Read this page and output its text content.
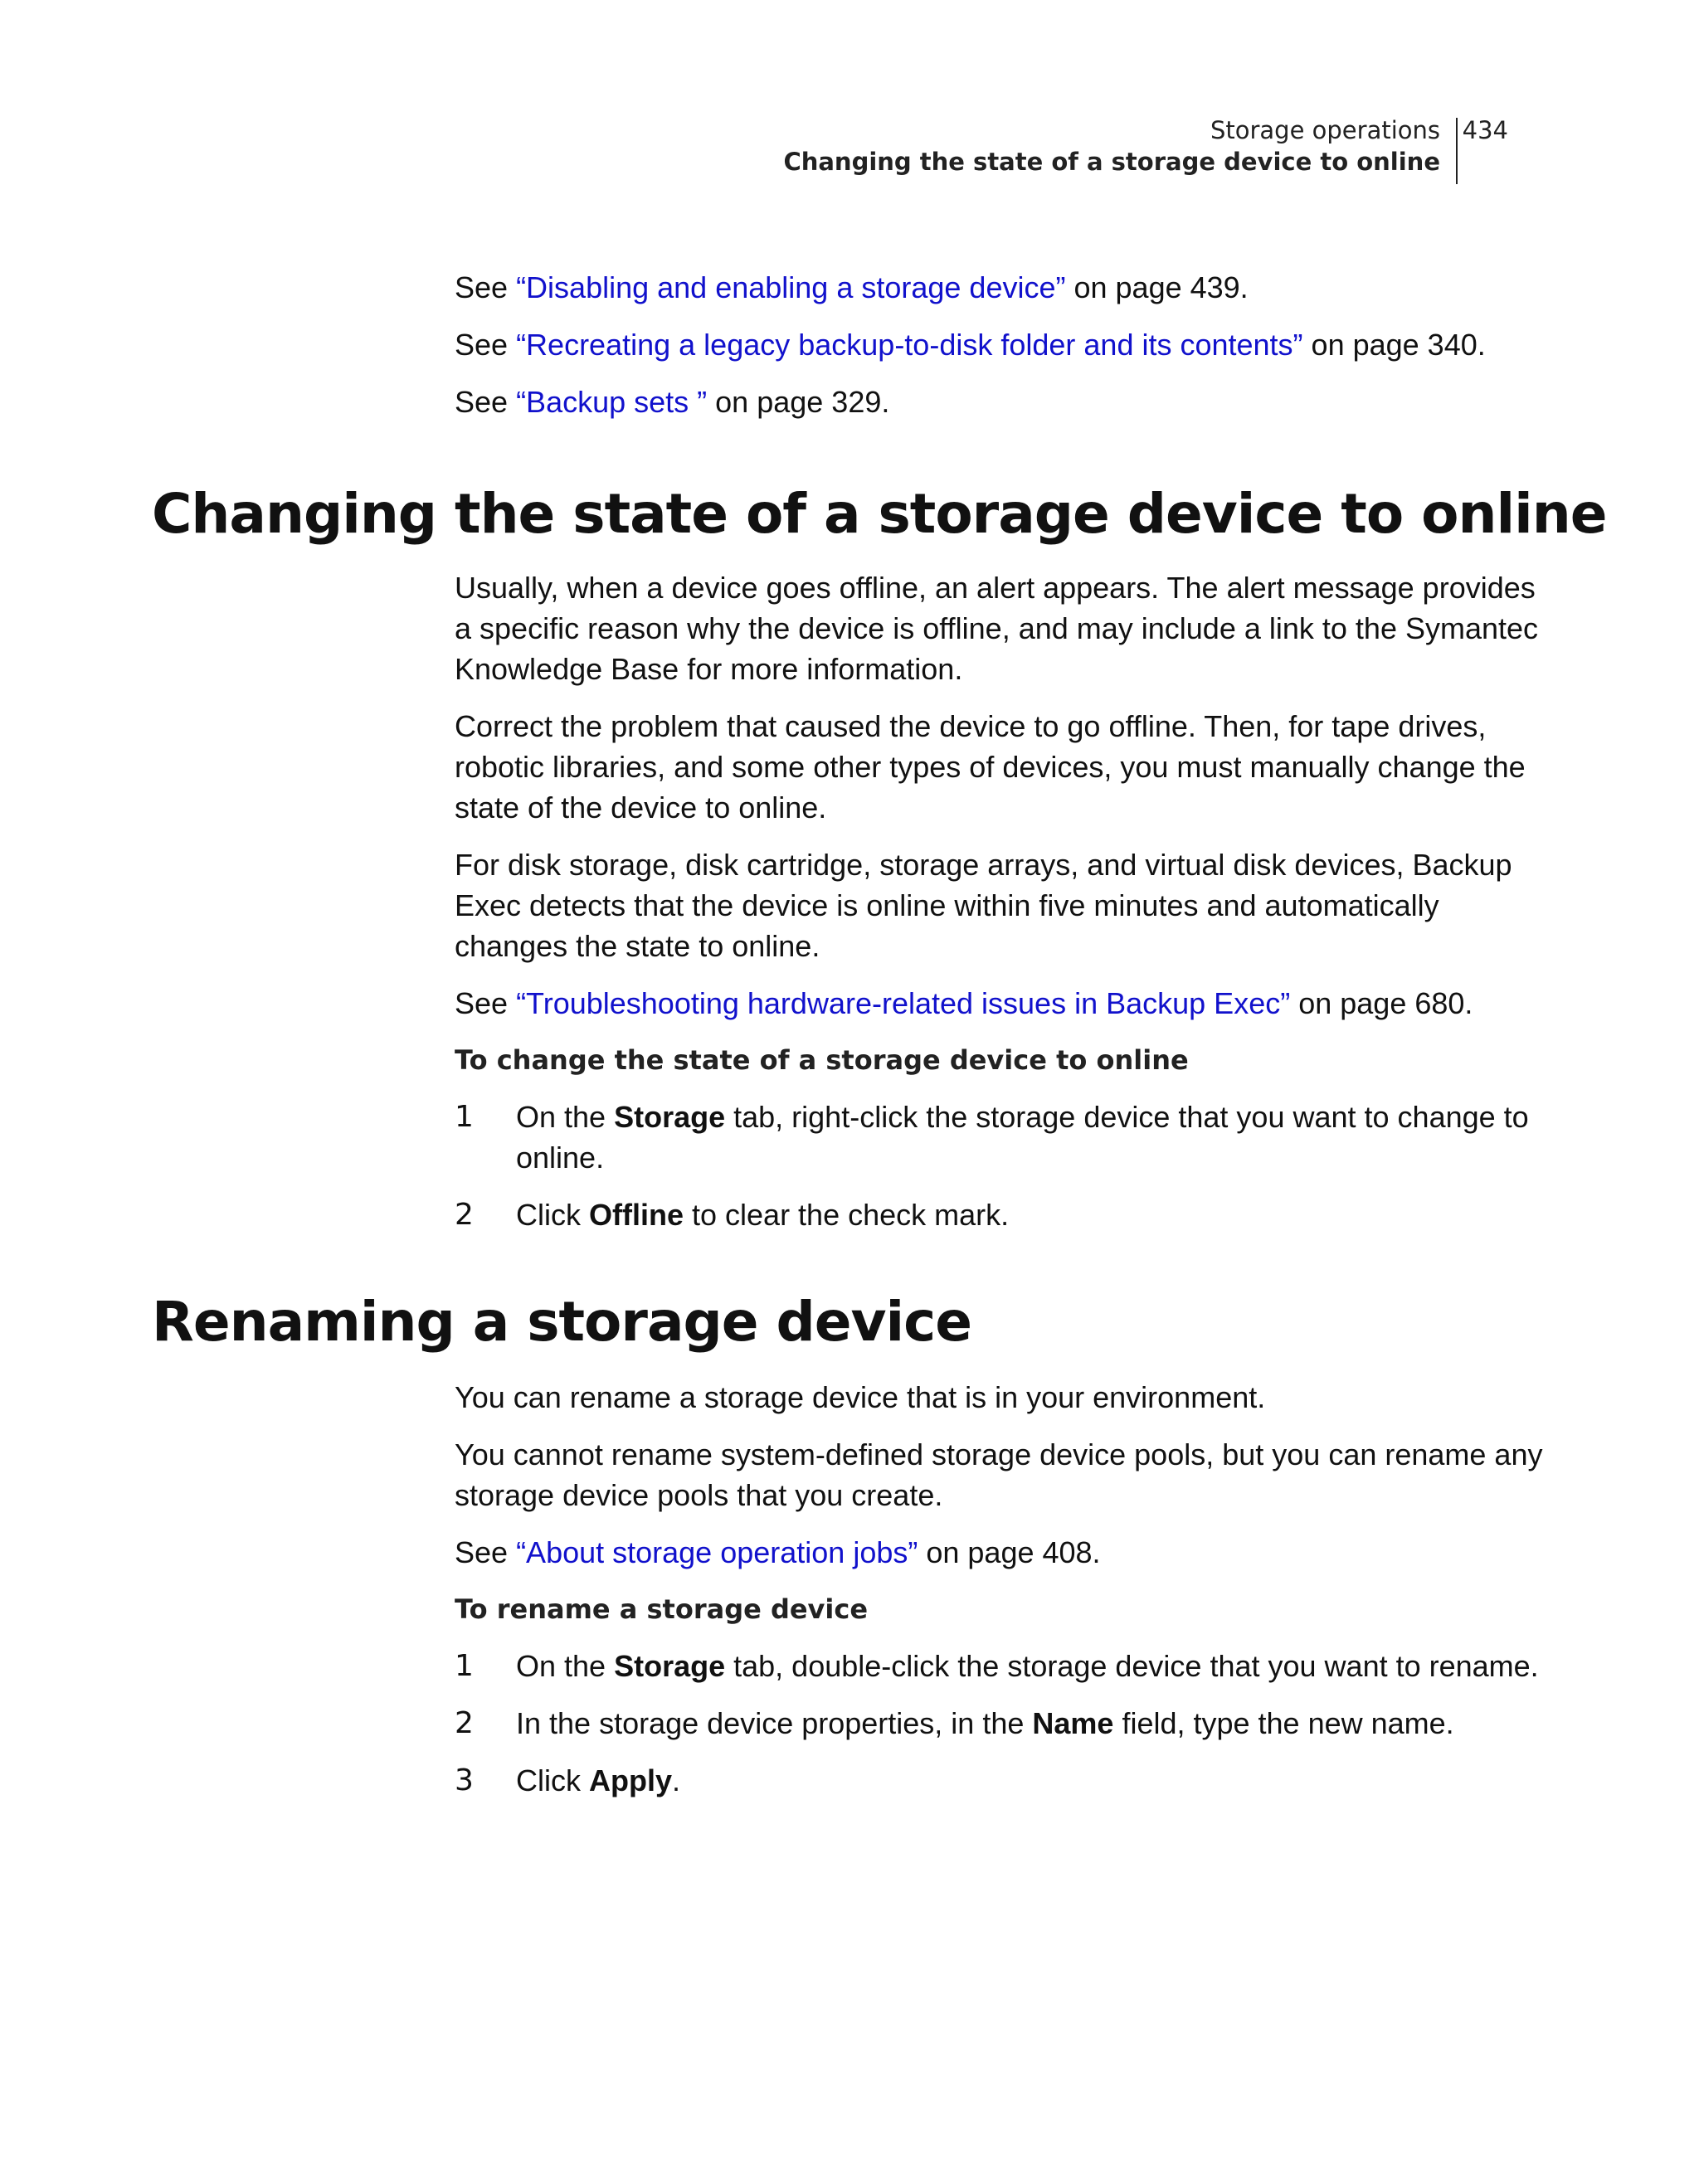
Storage operations
Changing the state of a storage device to online
434

See “Disabling and enabling a storage device” on page 439.

See “Recreating a legacy backup-to-disk folder and its contents” on page 340.

See “Backup sets ” on page 329.

Changing the state of a storage device to online

Usually, when a device goes offline, an alert appears. The alert message provides a specific reason why the device is offline, and may include a link to the Symantec Knowledge Base for more information.

Correct the problem that caused the device to go offline. Then, for tape drives, robotic libraries, and some other types of devices, you must manually change the state of the device to online.

For disk storage, disk cartridge, storage arrays, and virtual disk devices, Backup Exec detects that the device is online within five minutes and automatically changes the state to online.

See “Troubleshooting hardware-related issues in Backup Exec” on page 680.

To change the state of a storage device to online

1 On the Storage tab, right-click the storage device that you want to change to online.
2 Click Offline to clear the check mark.
Renaming a storage device

You can rename a storage device that is in your environment.

You cannot rename system-defined storage device pools, but you can rename any storage device pools that you create.

See “About storage operation jobs” on page 408.

To rename a storage device

1 On the Storage tab, double-click the storage device that you want to rename.
2 In the storage device properties, in the Name field, type the new name.
3 Click Apply.
